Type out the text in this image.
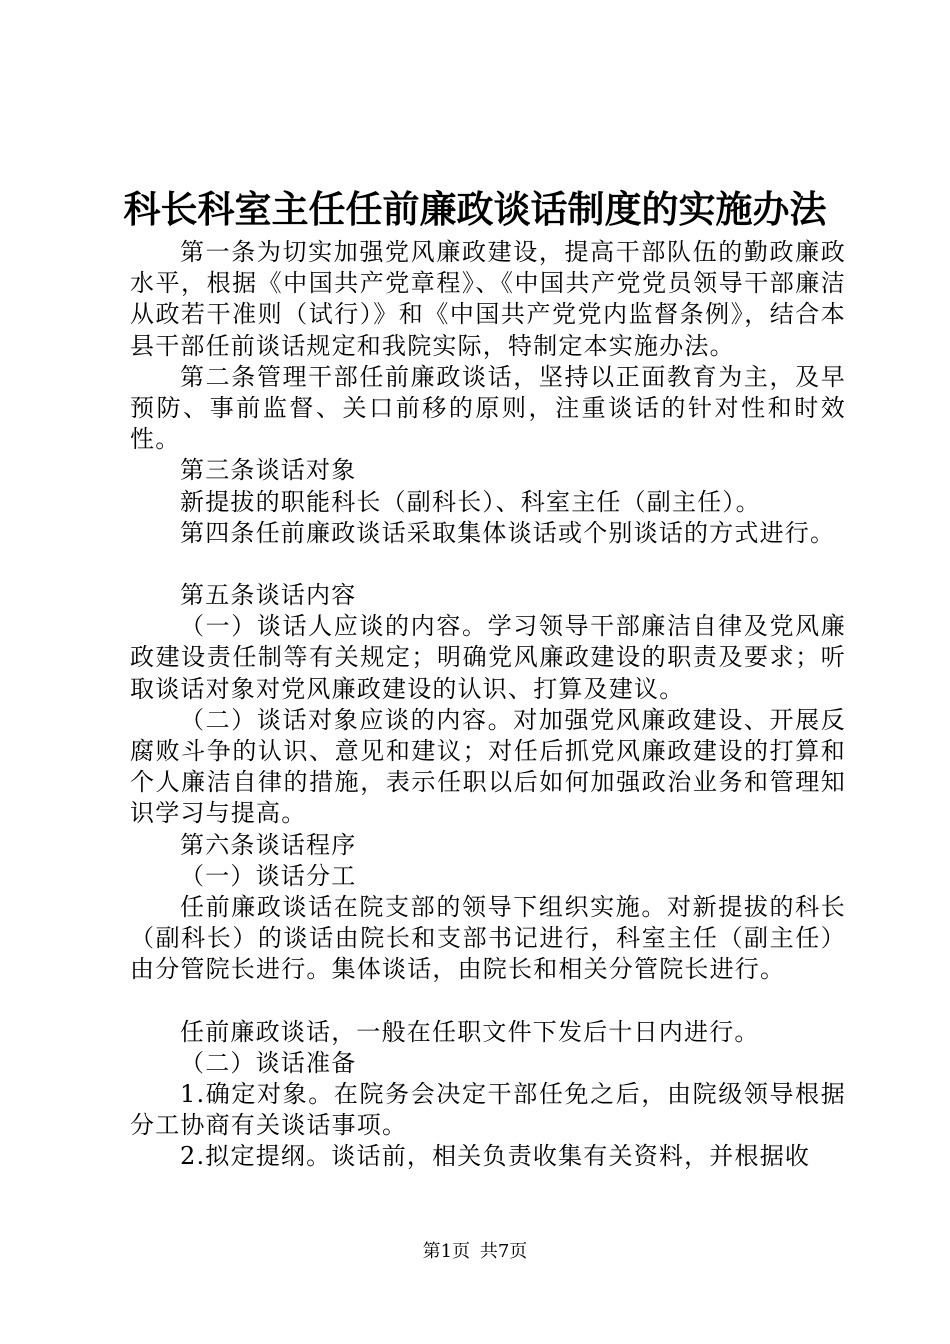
科长科室主任任前廉政谈话制度的实施办法

第一条为切实加强党风廉政建设，提高干部队伍的勤政廉政水平，根据《中国共产党章程》、《中国共产党党员领导干部廉洁从政若干准则（试行）》和《中国共产党党内监督条例》，结合本县干部任前谈话规定和我院实际，特制定本实施办法。

第二条管理干部任前廉政谈话，坚持以正面教育为主，及早预防、事前监督、关口前移的原则，注重谈话的针对性和时效性。

第三条谈话对象

新提拔的职能科长（副科长）、科室主任（副主任）。

第四条任前廉政谈话采取集体谈话或个别谈话的方式进行。

第五条谈话内容

（一）谈话人应谈的内容。学习领导干部廉洁自律及党风廉政建设责任制等有关规定；明确党风廉政建设的职责及要求；听取谈话对象对党风廉政建设的认识、打算及建议。

（二）谈话对象应谈的内容。对加强党风廉政建设、开展反腐败斗争的认识、意见和建议；对任后抓党风廉政建设的打算和个人廉洁自律的措施，表示任职以后如何加强政治业务和管理知识学习与提高。

第六条谈话程序

（一）谈话分工

任前廉政谈话在院支部的领导下组织实施。对新提拔的科长（副科长）的谈话由院长和支部书记进行，科室主任（副主任）由分管院长进行。集体谈话，由院长和相关分管院长进行。

任前廉政谈话，一般在任职文件下发后十日内进行。

（二）谈话准备

1.确定对象。在院务会决定干部任免之后，由院级领导根据分工协商有关谈话事项。

2.拟定提纲。谈话前，相关负责收集有关资料，并根据收

第1页 共7页
